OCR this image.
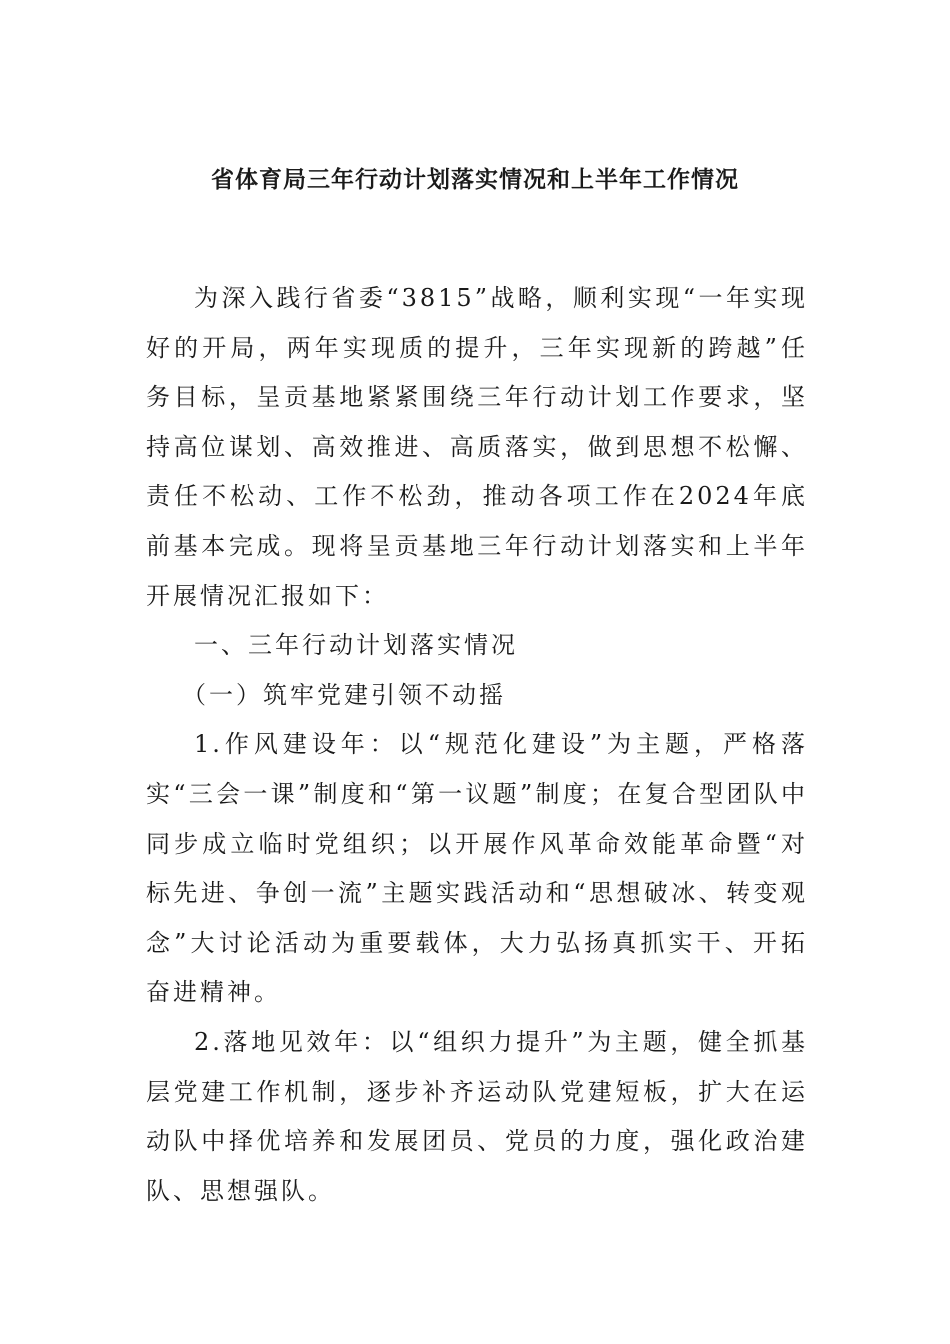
省体育局三年行动计划落实情况和上半年工作情况

为深入践行省委“3815”战略，顺利实现“一年实现好的开局，两年实现质的提升，三年实现新的跨越”任务目标，呈贡基地紧紧围绕三年行动计划工作要求，坚持高位谋划、高效推进、高质落实，做到思想不松懈、责任不松动、工作不松劲，推动各项工作在2024年底前基本完成。现将呈贡基地三年行动计划落实和上半年开展情况汇报如下：

一、三年行动计划落实情况

（一）筑牢党建引领不动摇

1.作风建设年：以“规范化建设”为主题，严格落实“三会一课”制度和“第一议题”制度；在复合型团队中同步成立临时党组织；以开展作风革命效能革命暨“对标先进、争创一流”主题实践活动和“思想破冰、转变观念”大讨论活动为重要载体，大力弘扬真抓实干、开拓奋进精神。

2.落地见效年：以“组织力提升”为主题，健全抓基层党建工作机制，逐步补齐运动队党建短板，扩大在运动队中择优培养和发展团员、党员的力度，强化政治建队、思想强队。
